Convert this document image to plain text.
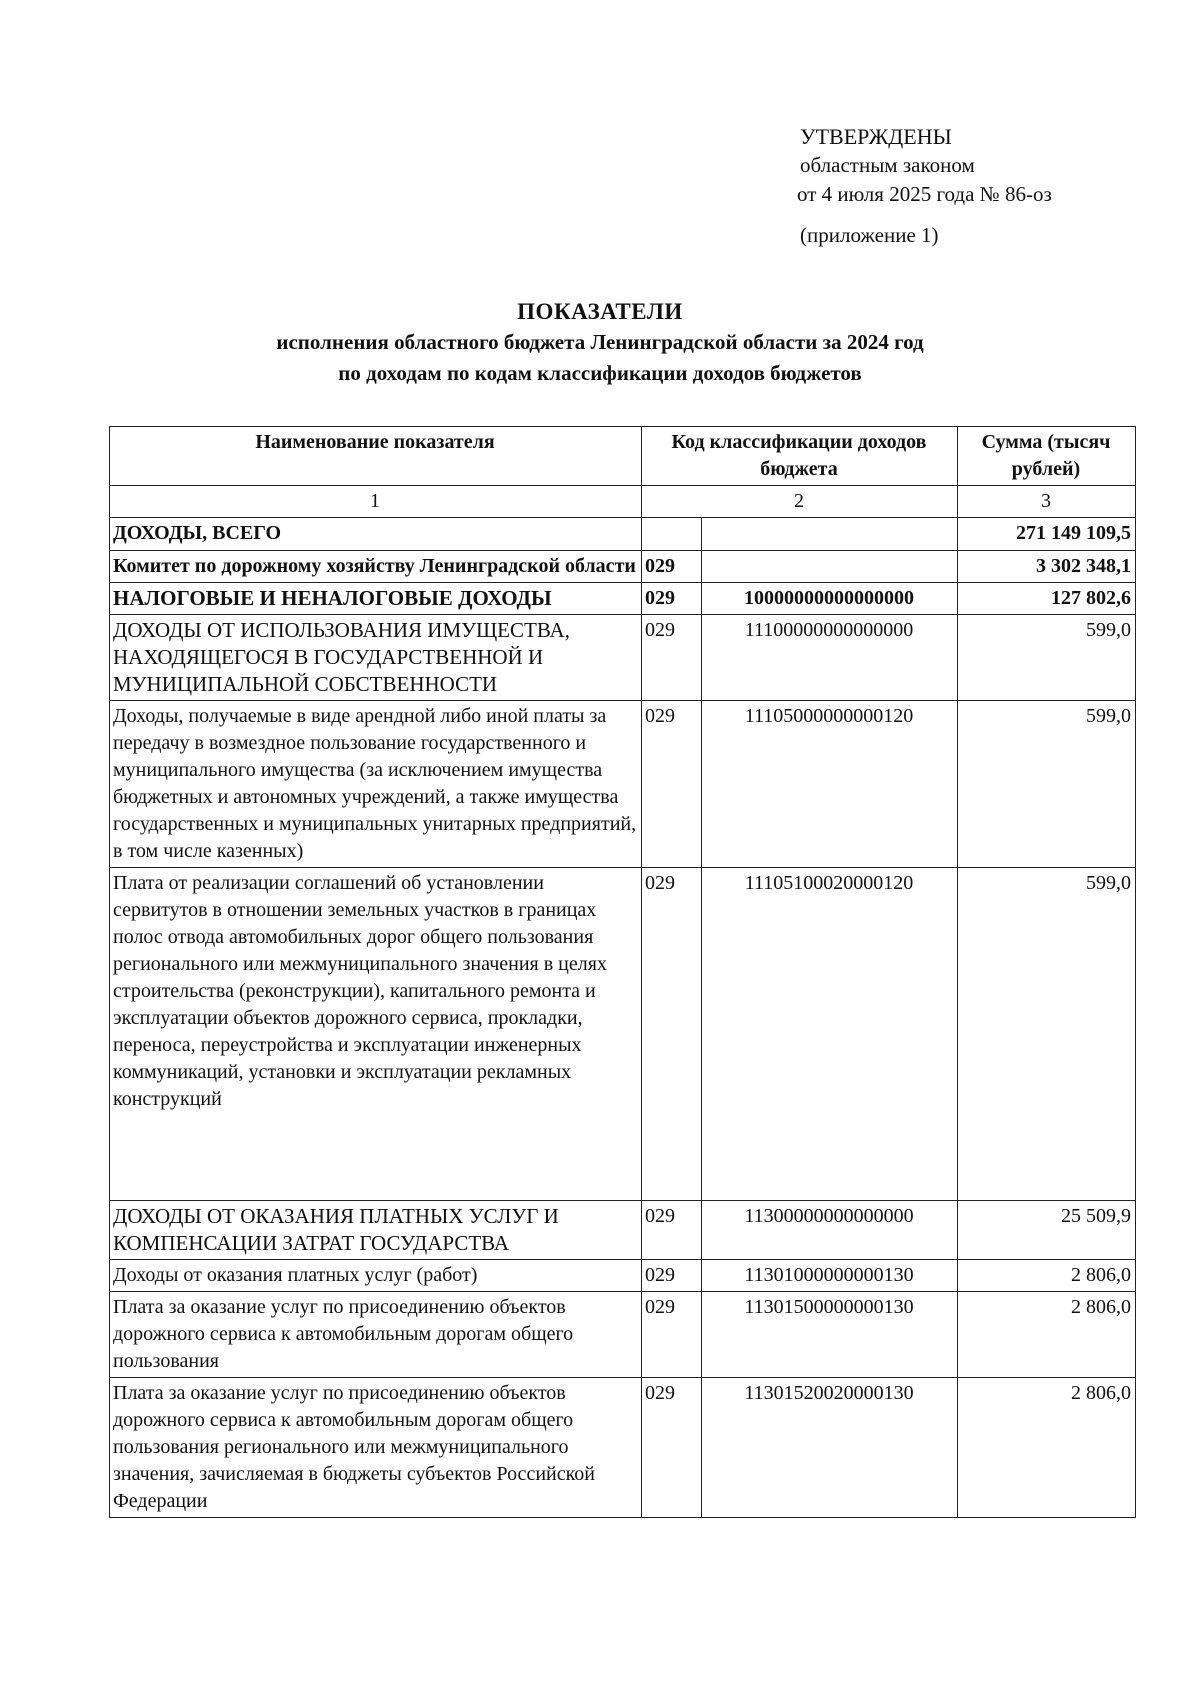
УТВЕРЖДЕНЫ
областным законом
от 4 июля 2025 года № 86-оз
(приложение 1)
ПОКАЗАТЕЛИ
исполнения областного бюджета Ленинградской области за 2024 год
по доходам по кодам классификации доходов бюджетов
Наименование показателя	Код классификации доходов бюджета		Сумма (тысяч рублей)
1	2		3
ДОХОДЫ, ВСЕГО			271 149 109,5
Комитет по дорожному хозяйству Ленинградской области	029		3 302 348,1
НАЛОГОВЫЕ И НЕНАЛОГОВЫЕ ДОХОДЫ	029	10000000000000000	127 802,6
ДОХОДЫ ОТ ИСПОЛЬЗОВАНИЯ ИМУЩЕСТВА, НАХОДЯЩЕГОСЯ В ГОСУДАРСТВЕННОЙ И МУНИЦИПАЛЬНОЙ СОБСТВЕННОСТИ	029	11100000000000000	599,0
Доходы, получаемые в виде арендной либо иной платы за передачу в возмездное пользование государственного и муниципального имущества (за исключением имущества бюджетных и автономных учреждений, а также имущества государственных и муниципальных унитарных предприятий, в том числе казенных)	029	11105000000000120	599,0
Плата от реализации соглашений об установлении сервитутов в отношении земельных участков в границах полос отвода автомобильных дорог общего пользования регионального или межмуниципального значения в целях строительства (реконструкции), капитального ремонта и эксплуатации объектов дорожного сервиса, прокладки, переноса, переустройства и эксплуатации инженерных коммуникаций, установки и эксплуатации рекламных конструкций	029	11105100020000120	599,0
ДОХОДЫ ОТ ОКАЗАНИЯ ПЛАТНЫХ УСЛУГ И КОМПЕНСАЦИИ ЗАТРАТ ГОСУДАРСТВА	029	11300000000000000	25 509,9
Доходы от оказания платных услуг (работ)	029	11301000000000130	2 806,0
Плата за оказание услуг по присоединению объектов дорожного сервиса к автомобильным дорогам общего пользования	029	11301500000000130	2 806,0
Плата за оказание услуг по присоединению объектов дорожного сервиса к автомобильным дорогам общего пользования регионального или межмуниципального значения, зачисляемая в бюджеты субъектов Российской Федерации	029	11301520020000130	2 806,0
